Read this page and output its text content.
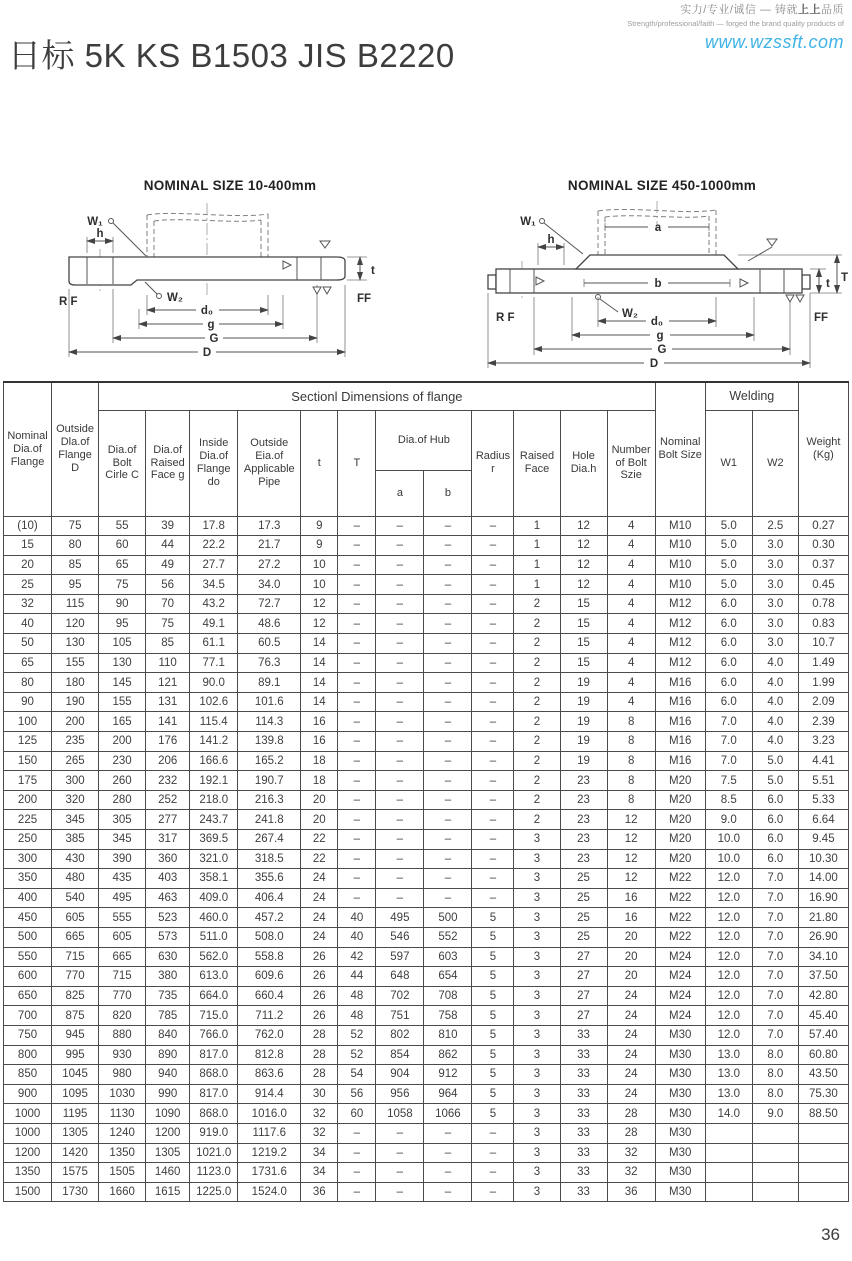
实力/专业/诚信 — 铸就上上品质
Strength/professional/faith — forged the brand quality products of
www.wzssft.com
日标 5K KS B1503 JIS B2220
NOMINAL SIZE 10-400mm
W₁
h
t
W₂
d₀
g
G
D
R F	FF
NOMINAL SIZE 450-1000mm
a
b
W₁
h
W₂
t T
d₀
g
G
D
R F	FF
Nominal Dia.of Flange	Outside Dla.of Flange D	Sectionl Dimensions of flange												Nominal Bolt Size	Welding		Weight (Kg)
		Dia.of Bolt Cirle C	Dia.of Raised Face g	Inside Dia.of Flange do	Outside Eia.of Applicable Pipe	t	T	Dia.of Hub		Radius r	Raised Face	Hole Dia.h	Number of Bolt Szie		W1	W2	
								a	b								
(10)	75	55	39	17.8	17.3	9	–	–	–	–	1	12	4	M10	5.0	2.5	0.27
15	80	60	44	22.2	21.7	9	–	–	–	–	1	12	4	M10	5.0	3.0	0.30
20	85	65	49	27.7	27.2	10	–	–	–	–	1	12	4	M10	5.0	3.0	0.37
25	95	75	56	34.5	34.0	10	–	–	–	–	1	12	4	M10	5.0	3.0	0.45
32	115	90	70	43.2	72.7	12	–	–	–	–	2	15	4	M12	6.0	3.0	0.78
40	120	95	75	49.1	48.6	12	–	–	–	–	2	15	4	M12	6.0	3.0	0.83
50	130	105	85	61.1	60.5	14	–	–	–	–	2	15	4	M12	6.0	3.0	10.7
65	155	130	110	77.1	76.3	14	–	–	–	–	2	15	4	M12	6.0	4.0	1.49
80	180	145	121	90.0	89.1	14	–	–	–	–	2	19	4	M16	6.0	4.0	1.99
90	190	155	131	102.6	101.6	14	–	–	–	–	2	19	4	M16	6.0	4.0	2.09
100	200	165	141	115.4	114.3	16	–	–	–	–	2	19	8	M16	7.0	4.0	2.39
125	235	200	176	141.2	139.8	16	–	–	–	–	2	19	8	M16	7.0	4.0	3.23
150	265	230	206	166.6	165.2	18	–	–	–	–	2	19	8	M16	7.0	5.0	4.41
175	300	260	232	192.1	190.7	18	–	–	–	–	2	23	8	M20	7.5	5.0	5.51
200	320	280	252	218.0	216.3	20	–	–	–	–	2	23	8	M20	8.5	6.0	5.33
225	345	305	277	243.7	241.8	20	–	–	–	–	2	23	12	M20	9.0	6.0	6.64
250	385	345	317	369.5	267.4	22	–	–	–	–	3	23	12	M20	10.0	6.0	9.45
300	430	390	360	321.0	318.5	22	–	–	–	–	3	23	12	M20	10.0	6.0	10.30
350	480	435	403	358.1	355.6	24	–	–	–	–	3	25	12	M22	12.0	7.0	14.00
400	540	495	463	409.0	406.4	24	–	–	–	–	3	25	16	M22	12.0	7.0	16.90
450	605	555	523	460.0	457.2	24	40	495	500	5	3	25	16	M22	12.0	7.0	21.80
500	665	605	573	511.0	508.0	24	40	546	552	5	3	25	20	M22	12.0	7.0	26.90
550	715	665	630	562.0	558.8	26	42	597	603	5	3	27	20	M24	12.0	7.0	34.10
600	770	715	380	613.0	609.6	26	44	648	654	5	3	27	20	M24	12.0	7.0	37.50
650	825	770	735	664.0	660.4	26	48	702	708	5	3	27	24	M24	12.0	7.0	42.80
700	875	820	785	715.0	711.2	26	48	751	758	5	3	27	24	M24	12.0	7.0	45.40
750	945	880	840	766.0	762.0	28	52	802	810	5	3	33	24	M30	12.0	7.0	57.40
800	995	930	890	817.0	812.8	28	52	854	862	5	3	33	24	M30	13.0	8.0	60.80
850	1045	980	940	868.0	863.6	28	54	904	912	5	3	33	24	M30	13.0	8.0	43.50
900	1095	1030	990	817.0	914.4	30	56	956	964	5	3	33	24	M30	13.0	8.0	75.30
1000	1195	1130	1090	868.0	1016.0	32	60	1058	1066	5	3	33	28	M30	14.0	9.0	88.50
1000	1305	1240	1200	919.0	1117.6	32	–	–	–	–	3	33	28	M30			
1200	1420	1350	1305	1021.0	1219.2	34	–	–	–	–	3	33	32	M30			
1350	1575	1505	1460	1123.0	1731.6	34	–	–	–	–	3	33	32	M30			
1500	1730	1660	1615	1225.0	1524.0	36	–	–	–	–	3	33	36	M30			
36
